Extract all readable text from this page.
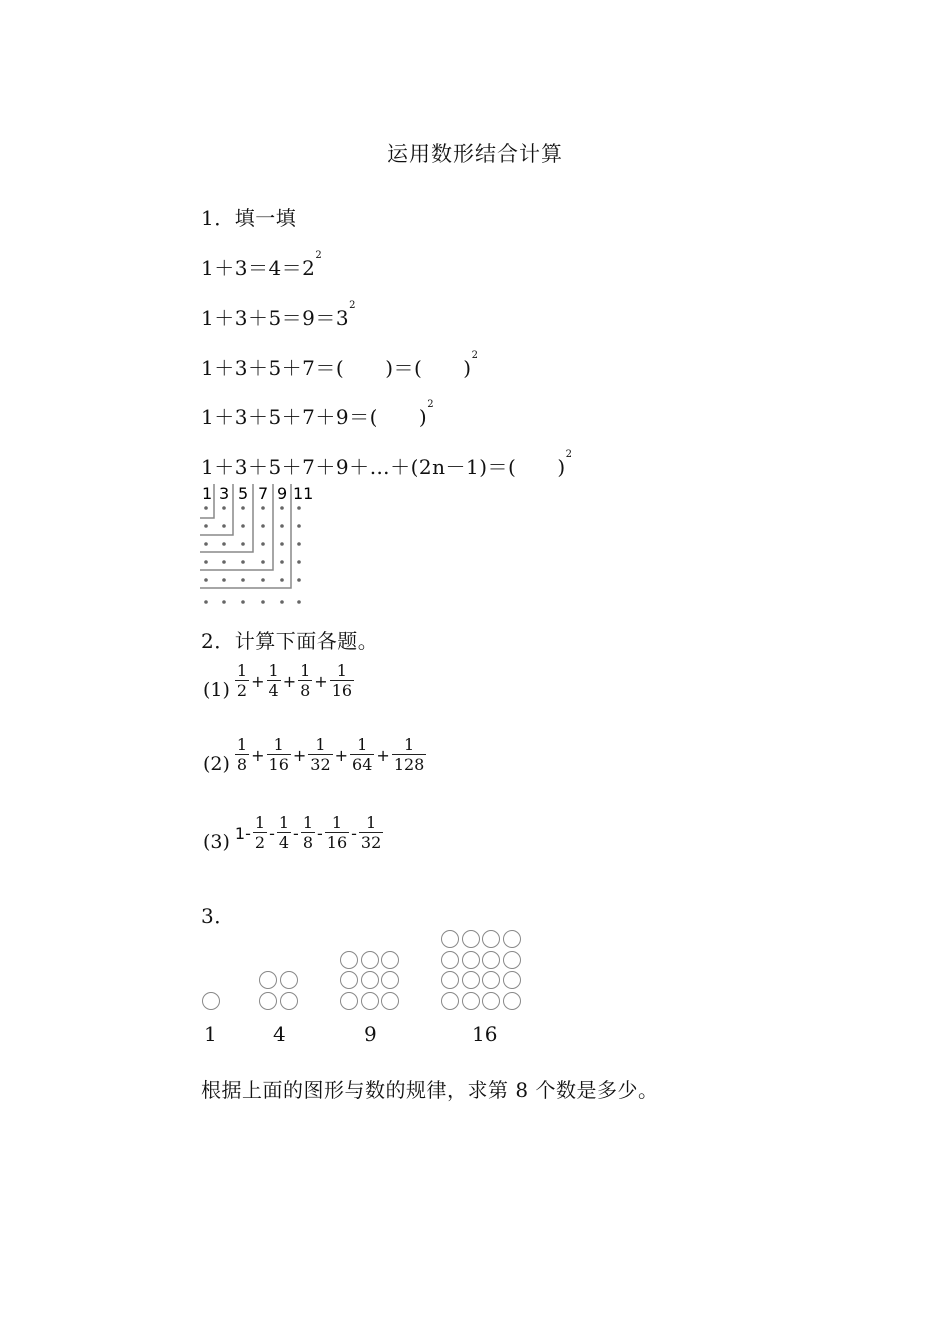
运用数形结合计算
1．填一填
$1+3=4=2^2$
$1+3+5=9=3^2$
1＋3＋5＋7＝(　　)＝(　　)$^2$
1＋3＋5＋7＋9＝(　　)$^2$
1＋3＋5＋7＋9＋…＋(2n－1)＝(　　)$^2$
1 3 5 7 9 11
2．计算下面各题。
$(1) \frac{1}{2} + \frac{1}{4} + \frac{1}{8} + \frac{1}{16}$
$(2) \frac{1}{8} + \frac{1}{16} + \frac{1}{32} + \frac{1}{64} + \frac{1}{128}$
(3) $1- \frac{1}{2} - \frac{1}{4} - \frac{1}{8} - \frac{1}{16} - \frac{1}{32}$
3．
1	4	9	16
根据上面的图形与数的规律，求第 8 个数是多少。
